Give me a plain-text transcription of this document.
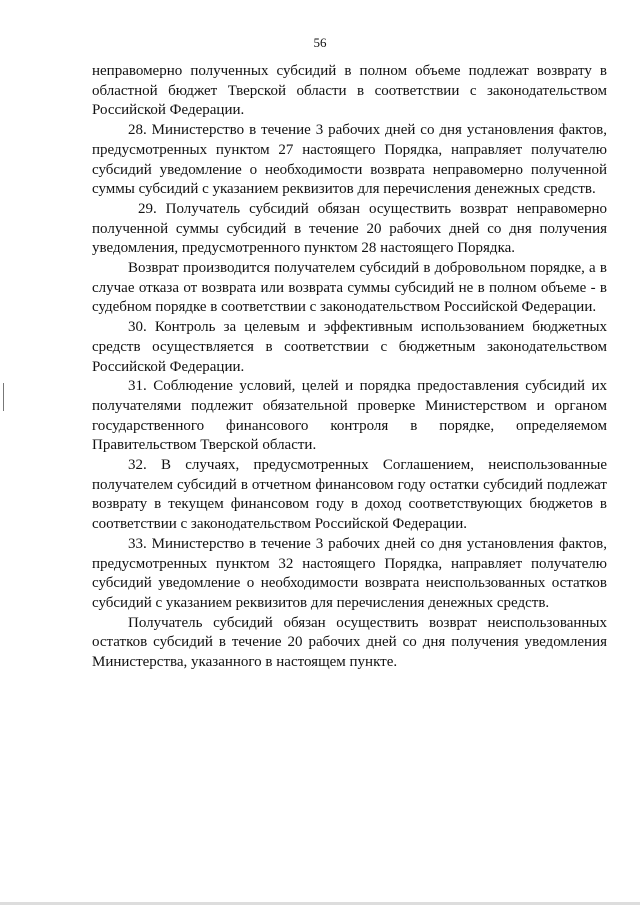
56

неправомерно полученных субсидий в полном объеме подлежат возврату в областной бюджет Тверской области в соответствии с законодательством Российской Федерации.

28. Министерство в течение 3 рабочих дней со дня установления фактов, предусмотренных пунктом 27 настоящего Порядка, направляет получателю субсидий уведомление о необходимости возврата неправомерно полученной суммы субсидий с указанием реквизитов для перечисления денежных средств.

29. Получатель субсидий обязан осуществить возврат неправомерно полученной суммы субсидий в течение 20 рабочих дней со дня получения уведомления, предусмотренного пунктом 28 настоящего Порядка.

Возврат производится получателем субсидий в добровольном порядке, а в случае отказа от возврата или возврата суммы субсидий не в полном объеме - в судебном порядке в соответствии с законодательством Российской Федерации.

30. Контроль за целевым и эффективным использованием бюджетных средств осуществляется в соответствии с бюджетным законодательством Российской Федерации.

31. Соблюдение условий, целей и порядка предоставления субсидий их получателями подлежит обязательной проверке Министерством и органом государственного финансового контроля в порядке, определяемом Правительством Тверской области.

32. В случаях, предусмотренных Соглашением, неиспользованные получателем субсидий в отчетном финансовом году остатки субсидий подлежат возврату в текущем финансовом году в доход соответствующих бюджетов в соответствии с законодательством Российской Федерации.

33. Министерство в течение 3 рабочих дней со дня установления фактов, предусмотренных пунктом 32 настоящего Порядка, направляет получателю субсидий уведомление о необходимости возврата неиспользованных остатков субсидий с указанием реквизитов для перечисления денежных средств.

Получатель субсидий обязан осуществить возврат неиспользованных остатков субсидий в течение 20 рабочих дней со дня получения уведомления Министерства, указанного в настоящем пункте.
